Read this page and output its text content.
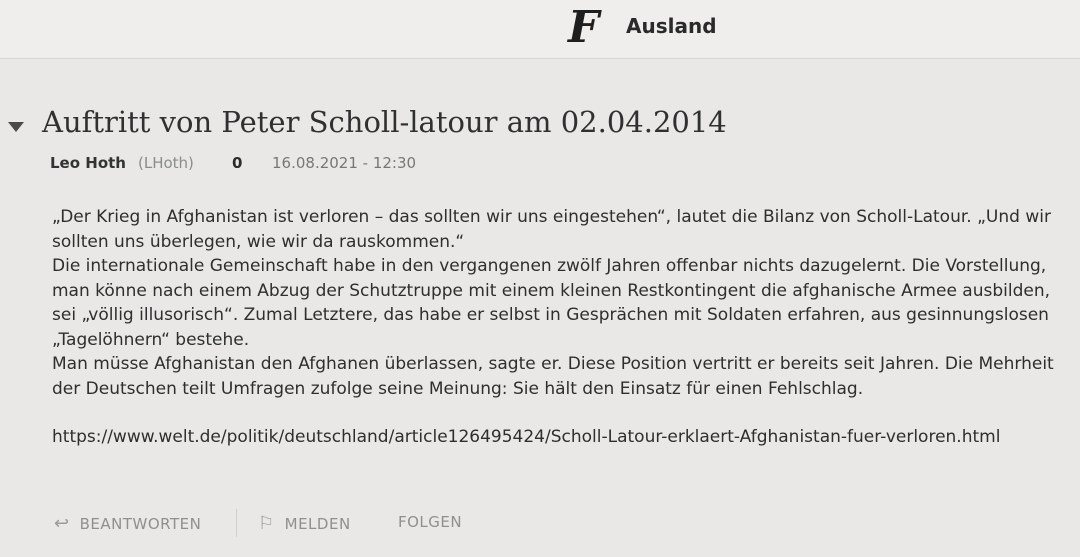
F Ausland
Auftritt von Peter Scholl-latour am 02.04.2014
Leo Hoth (LHoth)	0 16.08.2021 - 12:30

„Der Krieg in Afghanistan ist verloren – das sollten wir uns eingestehen“, lautet die Bilanz von Scholl-Latour. „Und wir sollten uns überlegen, wie wir da rauskommen.“

Die internationale Gemeinschaft habe in den vergangenen zwölf Jahren offenbar nichts dazugelernt. Die Vorstellung, man könne nach einem Abzug der Schutztruppe mit einem kleinen Restkontingent die afghanische Armee ausbilden, sei „völlig illusorisch“. Zumal Letztere, das habe er selbst in Gesprächen mit Soldaten erfahren, aus gesinnungslosen „Tagelöhnern“ bestehe.

Man müsse Afghanistan den Afghanen überlassen, sagte er. Diese Position vertritt er bereits seit Jahren. Die Mehrheit der Deutschen teilt Umfragen zufolge seine Meinung: Sie hält den Einsatz für einen Fehlschlag.

https://www.welt.de/politik/deutschland/article126495424/Scholl-Latour-erklaert-Afghanistan-fuer-verloren.html

↩ BEANTWORTEN	⚐ MELDEN	FOLGEN
